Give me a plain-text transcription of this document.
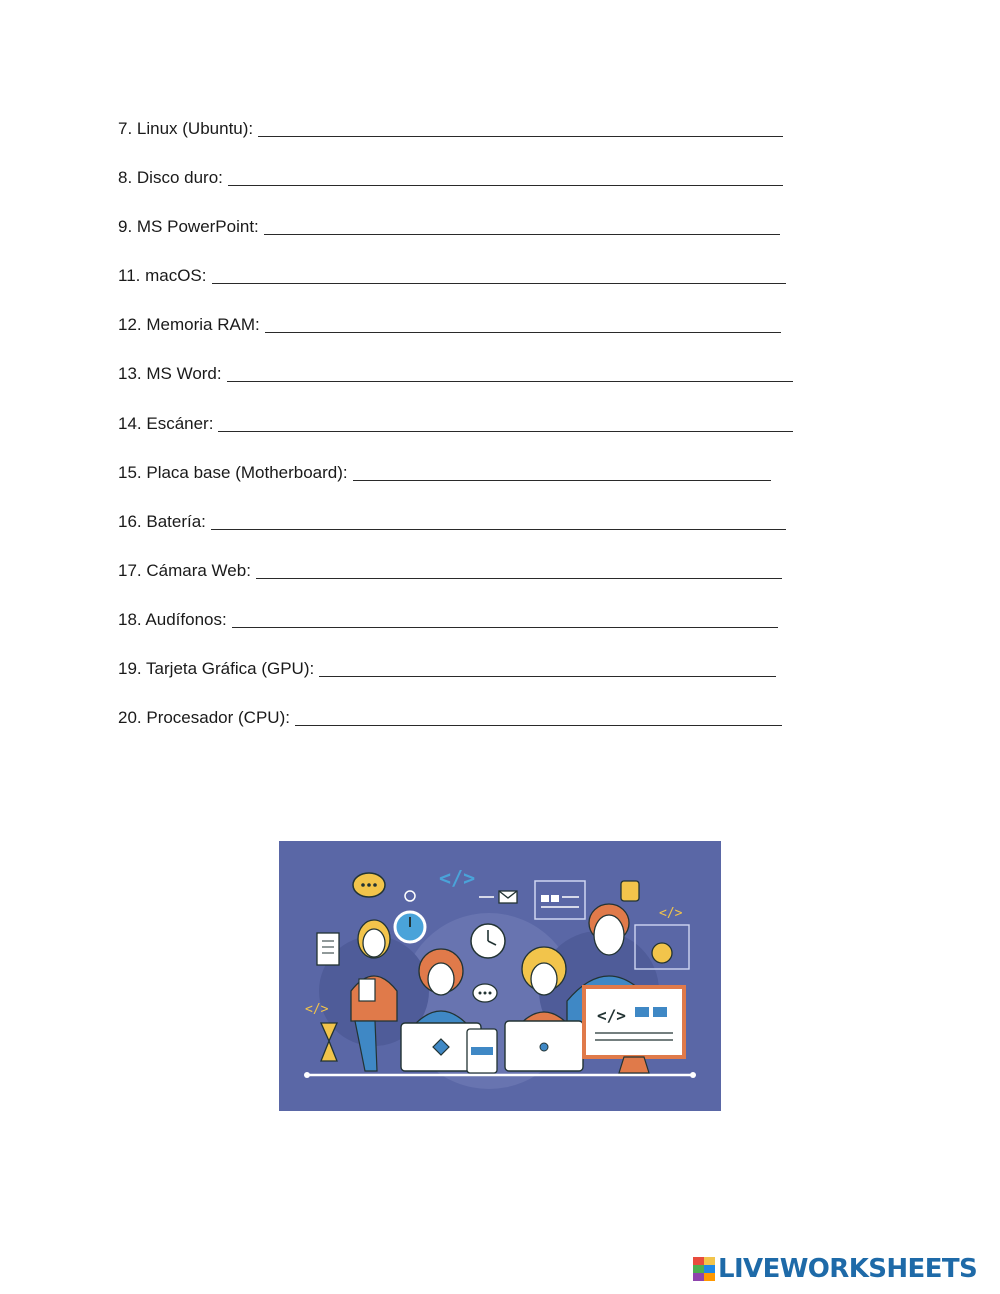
7. Linux (Ubuntu):
8. Disco duro:
9. MS PowerPoint:
11. macOS:
12. Memoria RAM:
13. MS Word:
14. Escáner:
15. Placa base (Motherboard):
16. Batería:
17. Cámara Web:
18. Audífonos:
19. Tarjeta Gráfica (GPU):
20. Procesador (CPU):
</>
</>
</>	</>
LIVEWORKSHEETS
